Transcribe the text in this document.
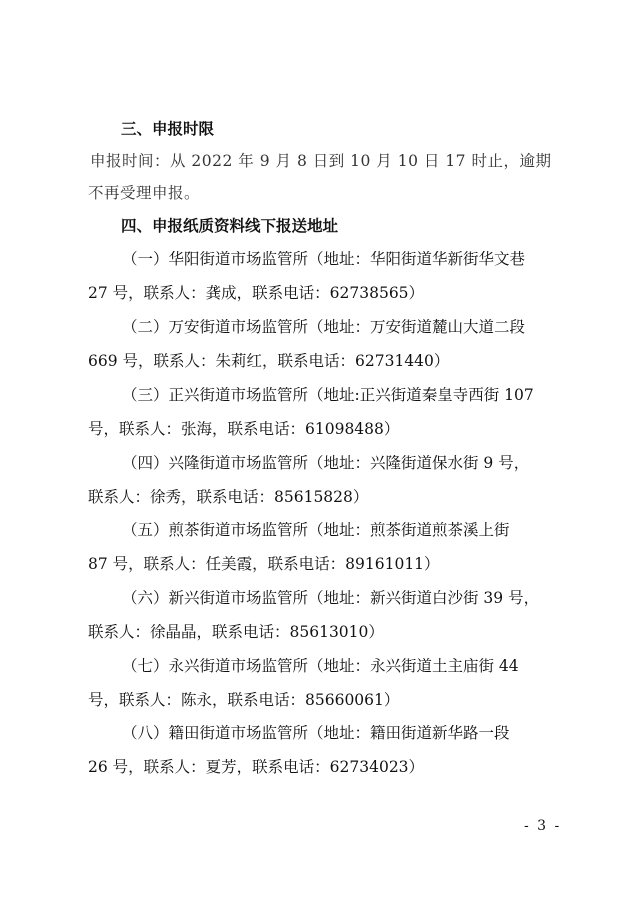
三、申报时限
申报时间：从 2022 年 9 月 8 日到 10 月 10 日 17 时止，逾期
不再受理申报。
四、申报纸质资料线下报送地址
（一）华阳街道市场监管所（地址：华阳街道华新街华文巷
27 号，联系人：龚成，联系电话：62738565）
（二）万安街道市场监管所（地址：万安街道麓山大道二段
669 号，联系人：朱莉红，联系电话：62731440）
（三）正兴街道市场监管所（地址:正兴街道秦皇寺西街 107
号，联系人：张海，联系电话：61098488）
（四）兴隆街道市场监管所（地址：兴隆街道保水街 9 号，
联系人：徐秀，联系电话：85615828）
（五）煎茶街道市场监管所（地址：煎茶街道煎茶溪上街
87 号，联系人：任美霞，联系电话：89161011）
（六）新兴街道市场监管所（地址：新兴街道白沙街 39 号，
联系人：徐晶晶，联系电话：85613010）
（七）永兴街道市场监管所（地址：永兴街道土主庙街 44
号，联系人：陈永，联系电话：85660061）
（八）籍田街道市场监管所（地址：籍田街道新华路一段
26 号，联系人：夏芳，联系电话：62734023）
- 3 -
